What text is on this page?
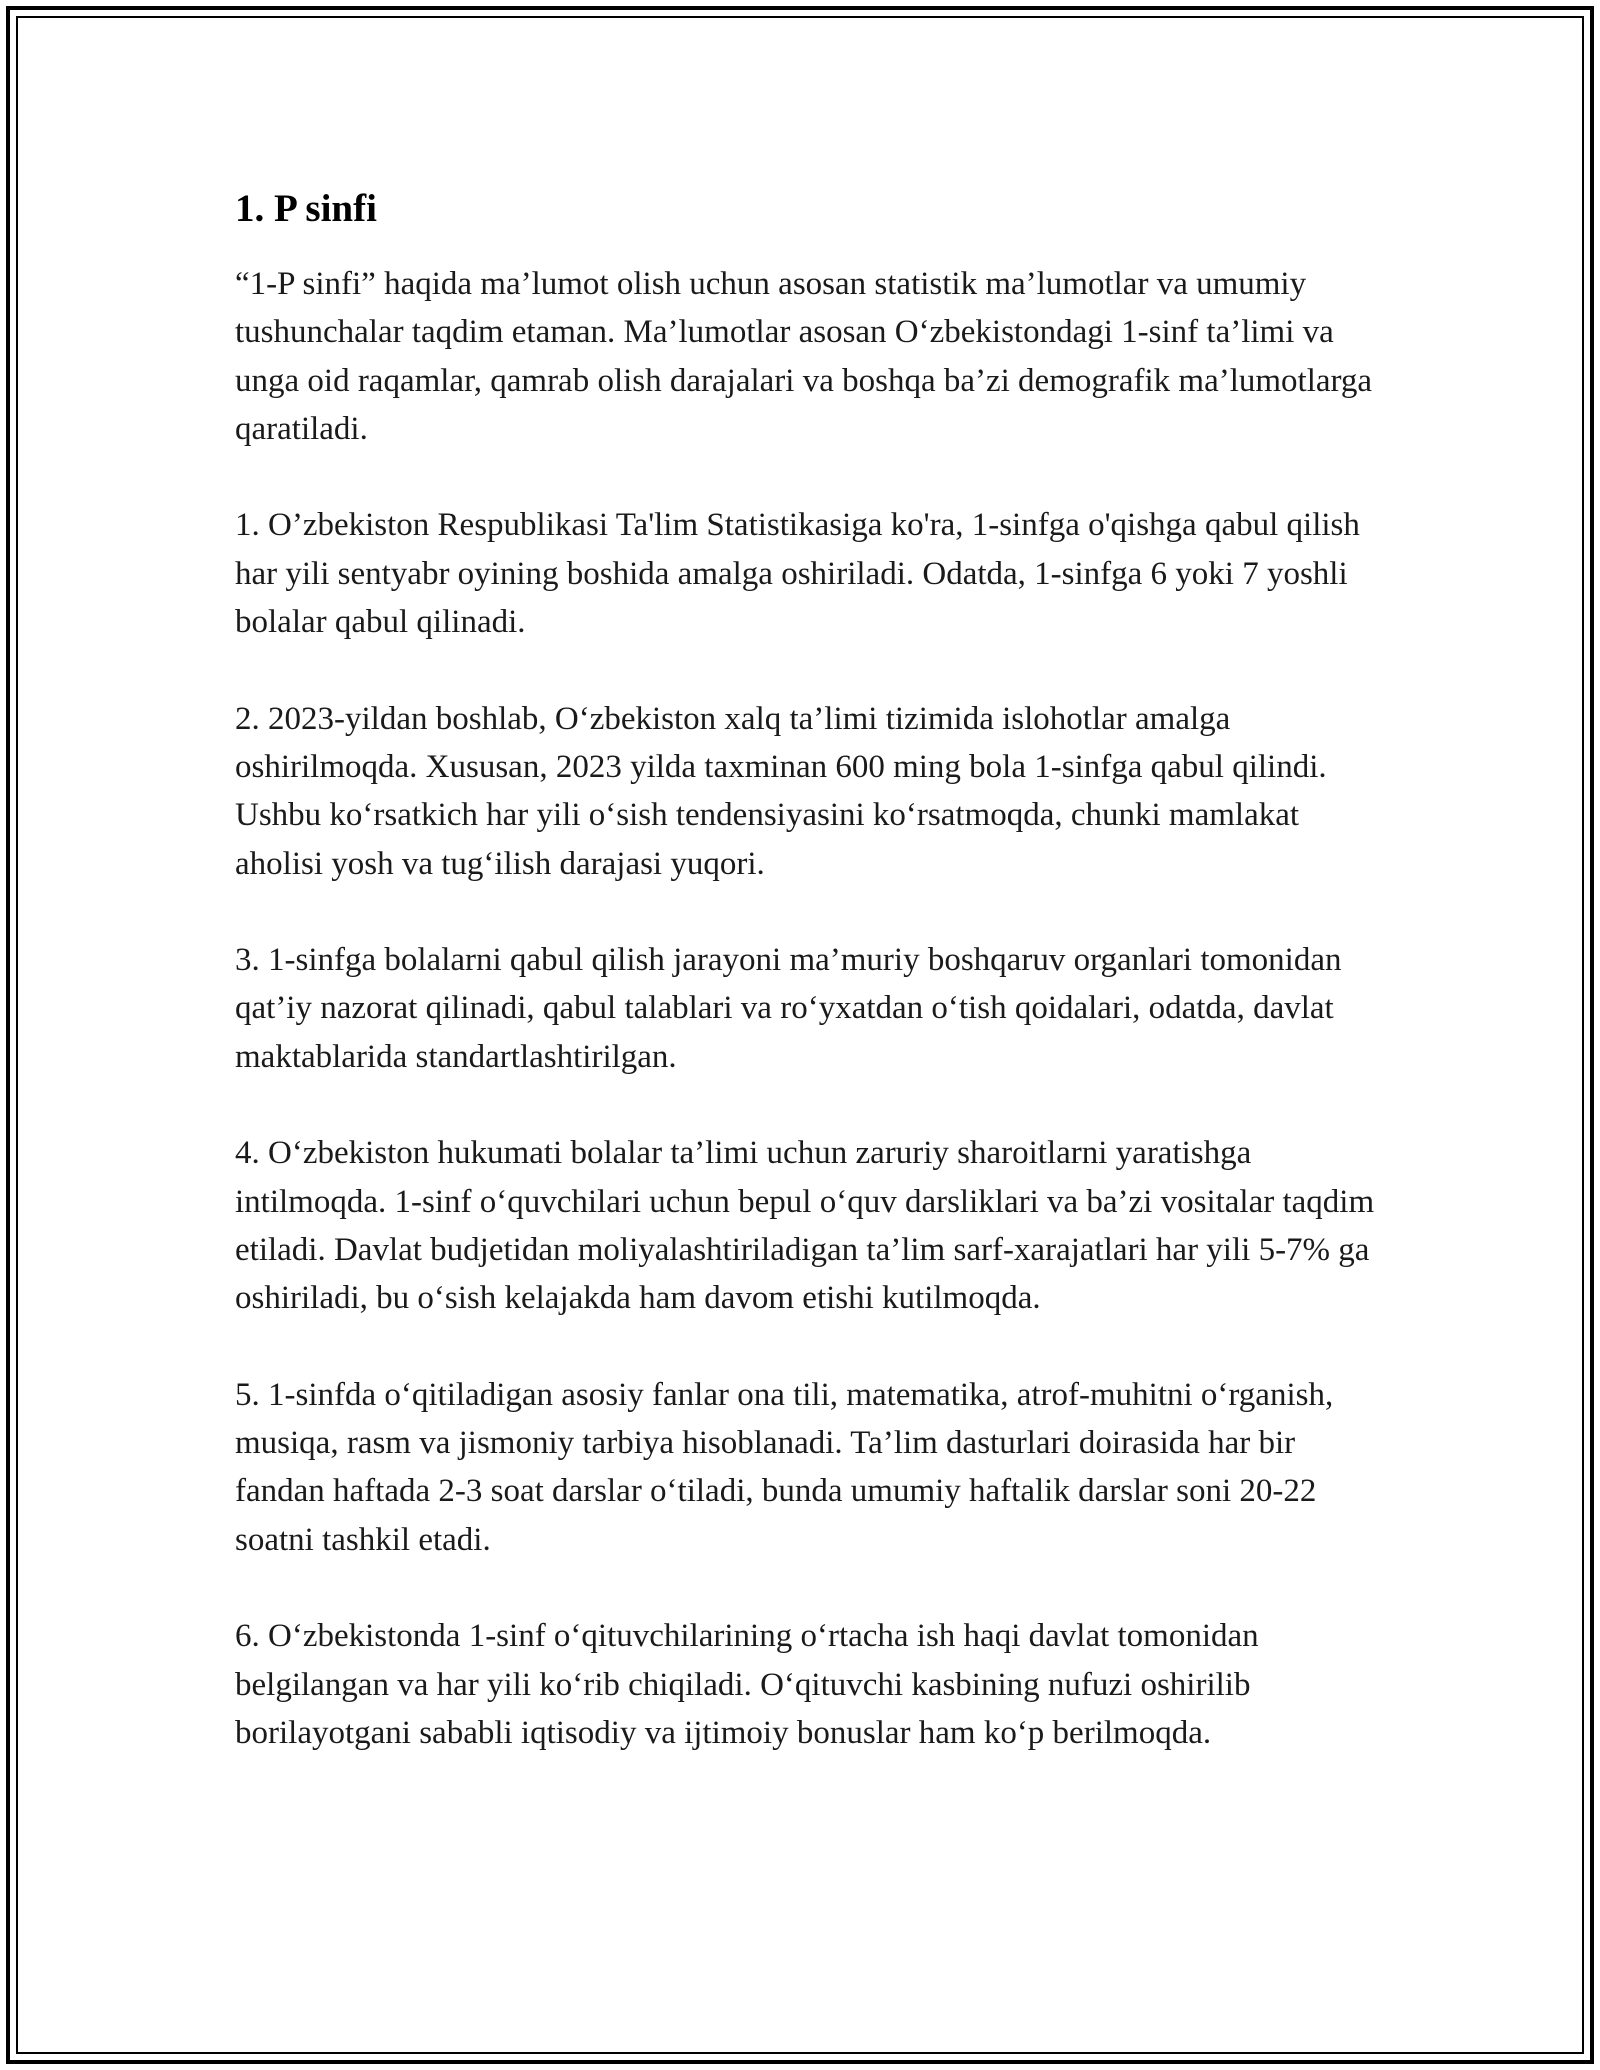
1. P sinfi

“1-P sinfi” haqida ma’lumot olish uchun asosan statistik ma’lumotlar va umumiy tushunchalar taqdim etaman. Ma’lumotlar asosan O‘zbekistondagi 1-sinf ta’limi va unga oid raqamlar, qamrab olish darajalari va boshqa ba’zi demografik ma’lumotlarga qaratiladi.

1. O’zbekiston Respublikasi Ta'lim Statistikasiga ko'ra, 1-sinfga o'qishga qabul qilish har yili sentyabr oyining boshida amalga oshiriladi. Odatda, 1-sinfga 6 yoki 7 yoshli bolalar qabul qilinadi.

2. 2023-yildan boshlab, O‘zbekiston xalq ta’limi tizimida islohotlar amalga oshirilmoqda. Xususan, 2023 yilda taxminan 600 ming bola 1-sinfga qabul qilindi. Ushbu ko‘rsatkich har yili o‘sish tendensiyasini ko‘rsatmoqda, chunki mamlakat aholisi yosh va tug‘ilish darajasi yuqori.

3. 1-sinfga bolalarni qabul qilish jarayoni ma’muriy boshqaruv organlari tomonidan qat’iy nazorat qilinadi, qabul talablari va ro‘yxatdan o‘tish qoidalari, odatda, davlat maktablarida standartlashtirilgan.

4. O‘zbekiston hukumati bolalar ta’limi uchun zaruriy sharoitlarni yaratishga intilmoqda. 1-sinf o‘quvchilari uchun bepul o‘quv darsliklari va ba’zi vositalar taqdim etiladi. Davlat budjetidan moliyalashtiriladigan ta’lim sarf-xarajatlari har yili 5-7% ga oshiriladi, bu o‘sish kelajakda ham davom etishi kutilmoqda.

5. 1-sinfda o‘qitiladigan asosiy fanlar ona tili, matematika, atrof-muhitni o‘rganish, musiqa, rasm va jismoniy tarbiya hisoblanadi. Ta’lim dasturlari doirasida har bir fandan haftada 2-3 soat darslar o‘tiladi, bunda umumiy haftalik darslar soni 20-22 soatni tashkil etadi.

6. O‘zbekistonda 1-sinf o‘qituvchilarining o‘rtacha ish haqi davlat tomonidan belgilangan va har yili ko‘rib chiqiladi. O‘qituvchi kasbining nufuzi oshirilib borilayotgani sababli iqtisodiy va ijtimoiy bonuslar ham ko‘p berilmoqda.
